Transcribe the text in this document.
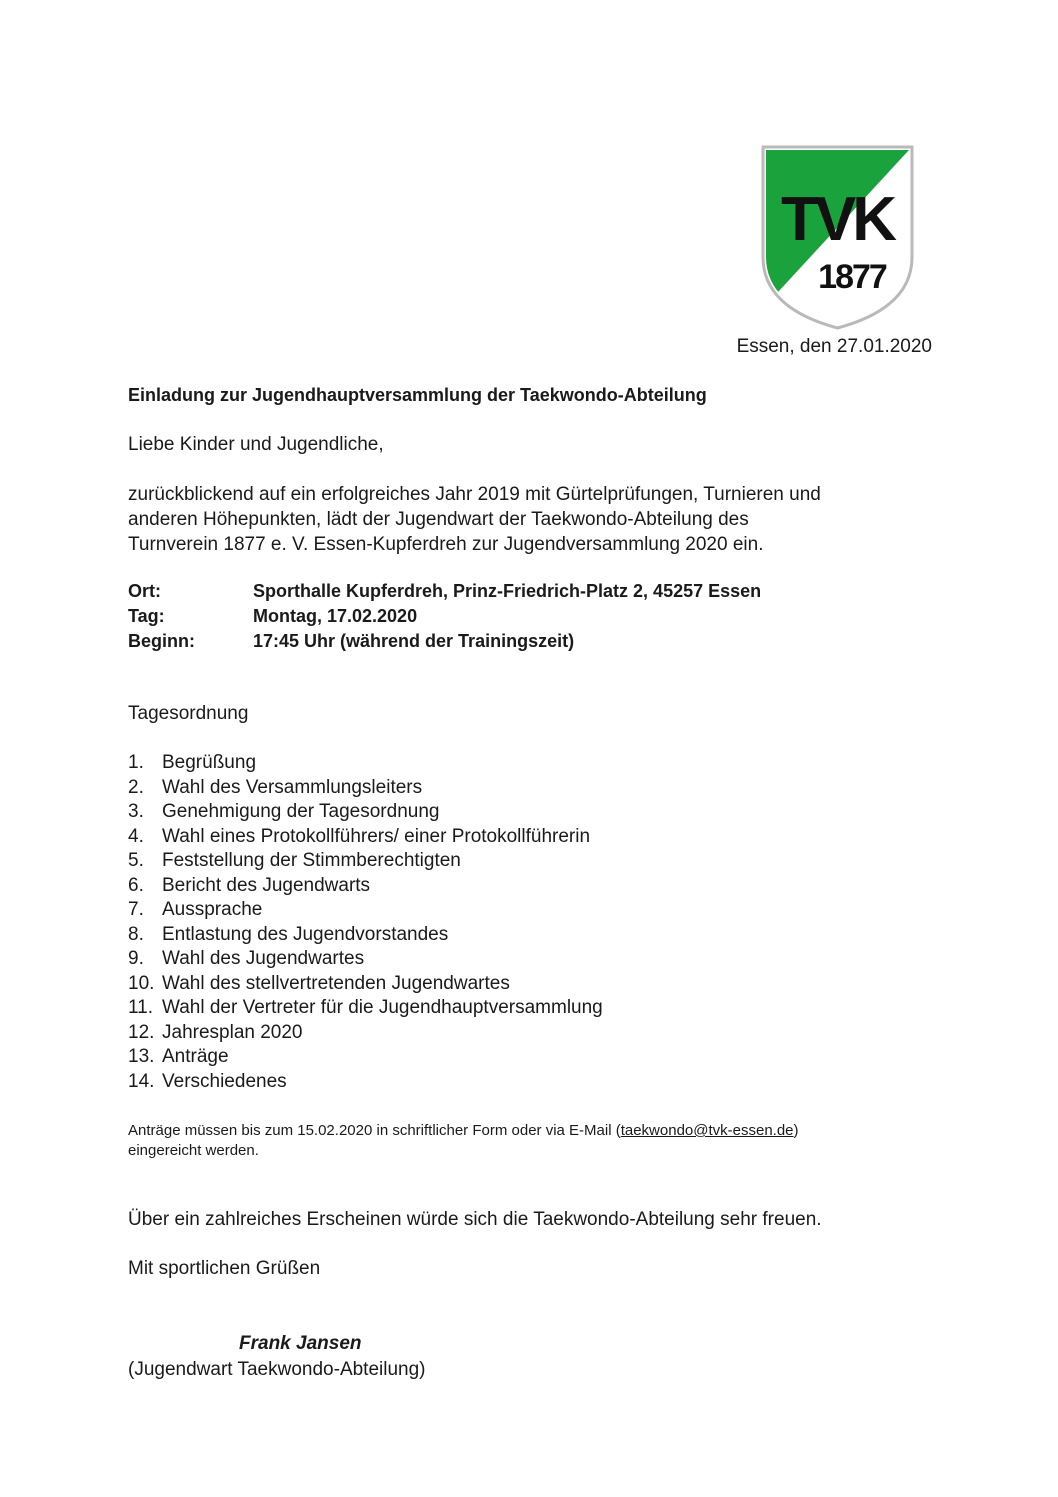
TVK
1877
Essen, den 27.01.2020
Einladung zur Jugendhauptversammlung der Taekwondo-Abteilung
Liebe Kinder und Jugendliche,
zurückblickend auf ein erfolgreiches Jahr 2019 mit Gürtelprüfungen, Turnieren und
anderen Höhepunkten, lädt der Jugendwart der Taekwondo-Abteilung des
Turnverein 1877 e. V. Essen-Kupferdreh zur Jugendversammlung 2020 ein.
Ort:	Sporthalle Kupferdreh, Prinz-Friedrich-Platz 2, 45257 Essen
Tag:	Montag, 17.02.2020
Beginn:	17:45 Uhr (während der Trainingszeit)
Tagesordnung
1. Begrüßung
2. Wahl des Versammlungsleiters
3. Genehmigung der Tagesordnung
4. Wahl eines Protokollführers/ einer Protokollführerin
5. Feststellung der Stimmberechtigten
6. Bericht des Jugendwarts
7. Aussprache
8. Entlastung des Jugendvorstandes
9. Wahl des Jugendwartes
10. Wahl des stellvertretenden Jugendwartes
11. Wahl der Vertreter für die Jugendhauptversammlung
12. Jahresplan 2020
13. Anträge
14. Verschiedenes
Anträge müssen bis zum 15.02.2020 in schriftlicher Form oder via E-Mail (taekwondo@tvk-essen.de)
eingereicht werden.
Über ein zahlreiches Erscheinen würde sich die Taekwondo-Abteilung sehr freuen.
Mit sportlichen Grüßen
Frank Jansen
(Jugendwart Taekwondo-Abteilung)
